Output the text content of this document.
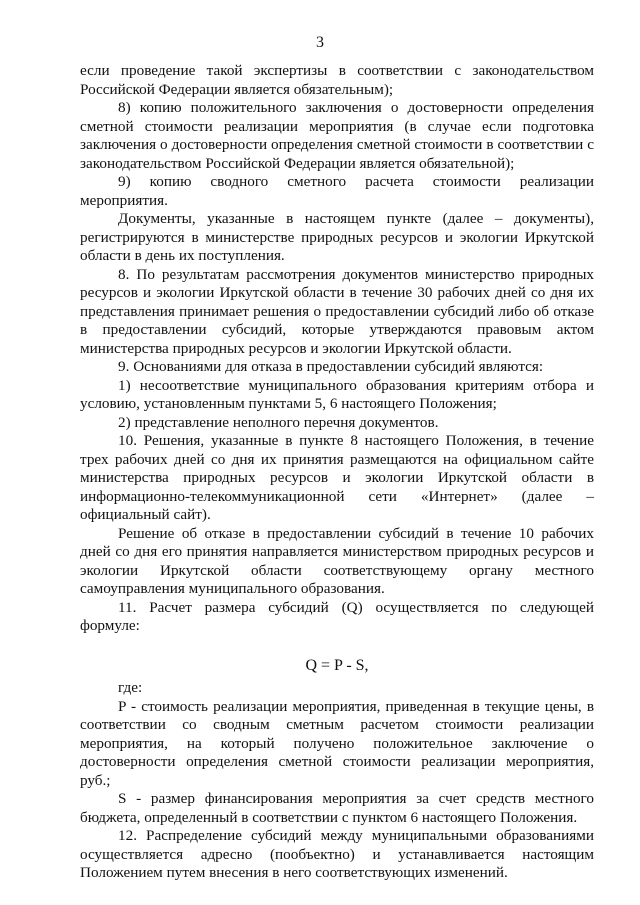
3

если проведение такой экспертизы в соответствии с законодательством Российской Федерации является обязательным);

8) копию положительного заключения о достоверности определения сметной стоимости реализации мероприятия (в случае если подготовка заключения о достоверности определения сметной стоимости в соответствии с законодательством Российской Федерации является обязательной);

9) копию сводного сметного расчета стоимости реализации мероприятия.

Документы, указанные в настоящем пункте (далее – документы), регистрируются в министерстве природных ресурсов и экологии Иркутской области в день их поступления.

8. По результатам рассмотрения документов министерство природных ресурсов и экологии Иркутской области в течение 30 рабочих дней со дня их представления принимает решения о предоставлении субсидий либо об отказе в предоставлении субсидий, которые утверждаются правовым актом министерства природных ресурсов и экологии Иркутской области.

9. Основаниями для отказа в предоставлении субсидий являются:

1) несоответствие муниципального образования критериям отбора и условию, установленным пунктами 5, 6 настоящего Положения;

2) представление неполного перечня документов.

10. Решения, указанные в пункте 8 настоящего Положения, в течение трех рабочих дней со дня их принятия размещаются на официальном сайте министерства природных ресурсов и экологии Иркутской области в информационно-телекоммуникационной сети «Интернет» (далее – официальный сайт).

Решение об отказе в предоставлении субсидий в течение 10 рабочих дней со дня его принятия направляется министерством природных ресурсов и экологии Иркутской области соответствующему органу местного самоуправления муниципального образования.

11. Расчет размера субсидий (Q) осуществляется по следующей формуле:

Q = P - S,

где:

P - стоимость реализации мероприятия, приведенная в текущие цены, в соответствии со сводным сметным расчетом стоимости реализации мероприятия, на который получено положительное заключение о достоверности определения сметной стоимости реализации мероприятия, руб.;

S - размер финансирования мероприятия за счет средств местного бюджета, определенный в соответствии с пунктом 6 настоящего Положения.

12. Распределение субсидий между муниципальными образованиями осуществляется адресно (пообъектно) и устанавливается настоящим Положением путем внесения в него соответствующих изменений.
